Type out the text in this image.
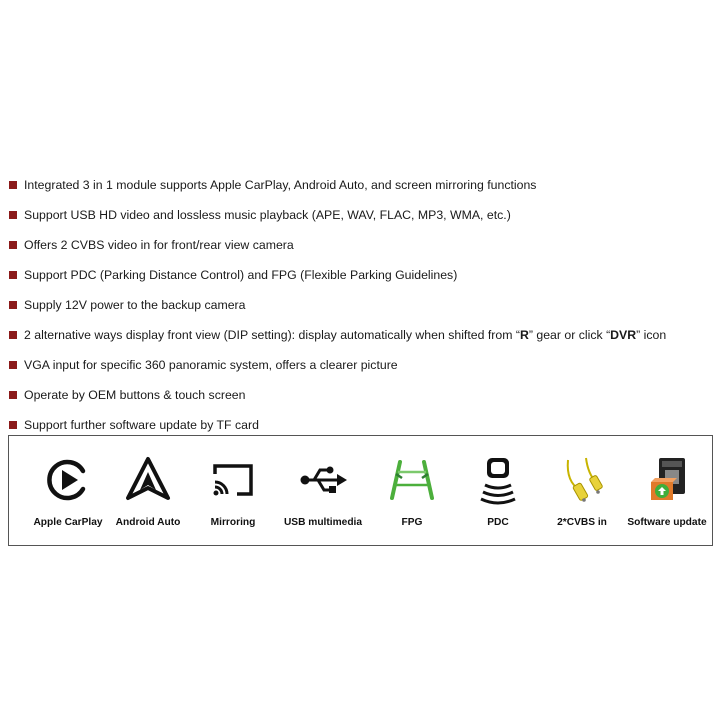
Integrated 3 in 1 module supports Apple CarPlay, Android Auto, and screen mirroring functions
Support USB HD video and lossless music playback (APE, WAV, FLAC, MP3, WMA, etc.)
Offers 2 CVBS video in for front/rear view camera
Support PDC (Parking Distance Control) and FPG (Flexible Parking Guidelines)
Supply 12V power to the backup camera
2 alternative ways display front view (DIP setting): display automatically when shifted from “R” gear or click “DVR” icon
VGA input for specific 360 panoramic system, offers a clearer picture
Operate by OEM buttons & touch screen
Support further software update by TF card
Apple CarPlay	Android Auto	Mirroring	USB multimedia	FPG	PDC	2*CVBS in	Software update
